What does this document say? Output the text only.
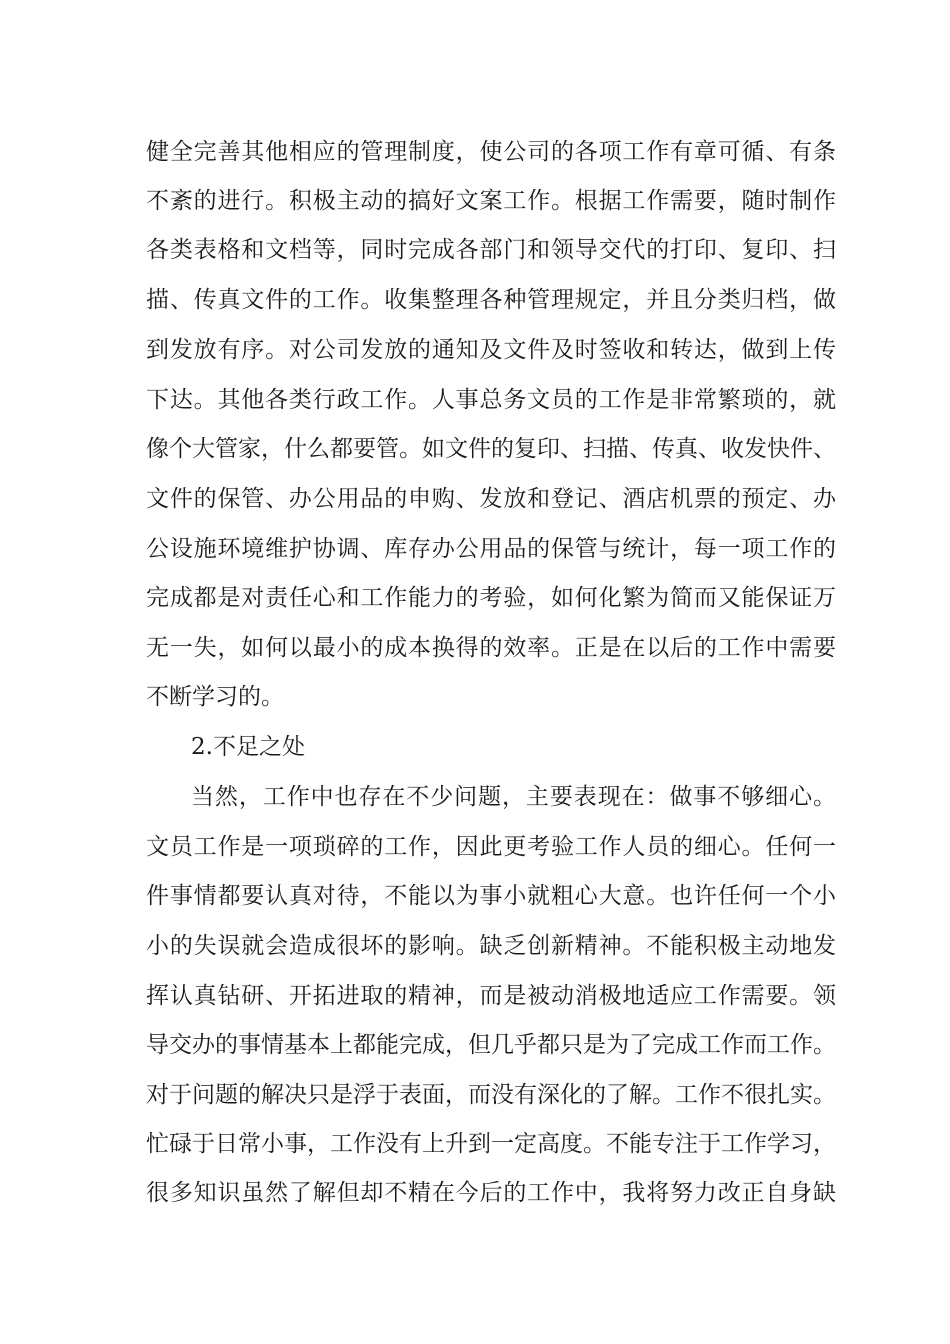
健全完善其他相应的管理制度，使公司的各项工作有章可循、有条
不紊的进行。积极主动的搞好文案工作。根据工作需要，随时制作
各类表格和文档等，同时完成各部门和领导交代的打印、复印、扫
描、传真文件的工作。收集整理各种管理规定，并且分类归档，做
到发放有序。对公司发放的通知及文件及时签收和转达，做到上传
下达。其他各类行政工作。人事总务文员的工作是非常繁琐的，就
像个大管家，什么都要管。如文件的复印、扫描、传真、收发快件、
文件的保管、办公用品的申购、发放和登记、酒店机票的预定、办
公设施环境维护协调、库存办公用品的保管与统计，每一项工作的
完成都是对责任心和工作能力的考验，如何化繁为简而又能保证万
无一失，如何以最小的成本换得的效率。正是在以后的工作中需要
不断学习的。
2.不足之处
当然，工作中也存在不少问题，主要表现在：做事不够细心。
文员工作是一项琐碎的工作，因此更考验工作人员的细心。任何一
件事情都要认真对待，不能以为事小就粗心大意。也许任何一个小
小的失误就会造成很坏的影响。缺乏创新精神。不能积极主动地发
挥认真钻研、开拓进取的精神，而是被动消极地适应工作需要。领
导交办的事情基本上都能完成，但几乎都只是为了完成工作而工作。
对于问题的解决只是浮于表面，而没有深化的了解。工作不很扎实。
忙碌于日常小事，工作没有上升到一定高度。不能专注于工作学习，
很多知识虽然了解但却不精在今后的工作中，我将努力改正自身缺
